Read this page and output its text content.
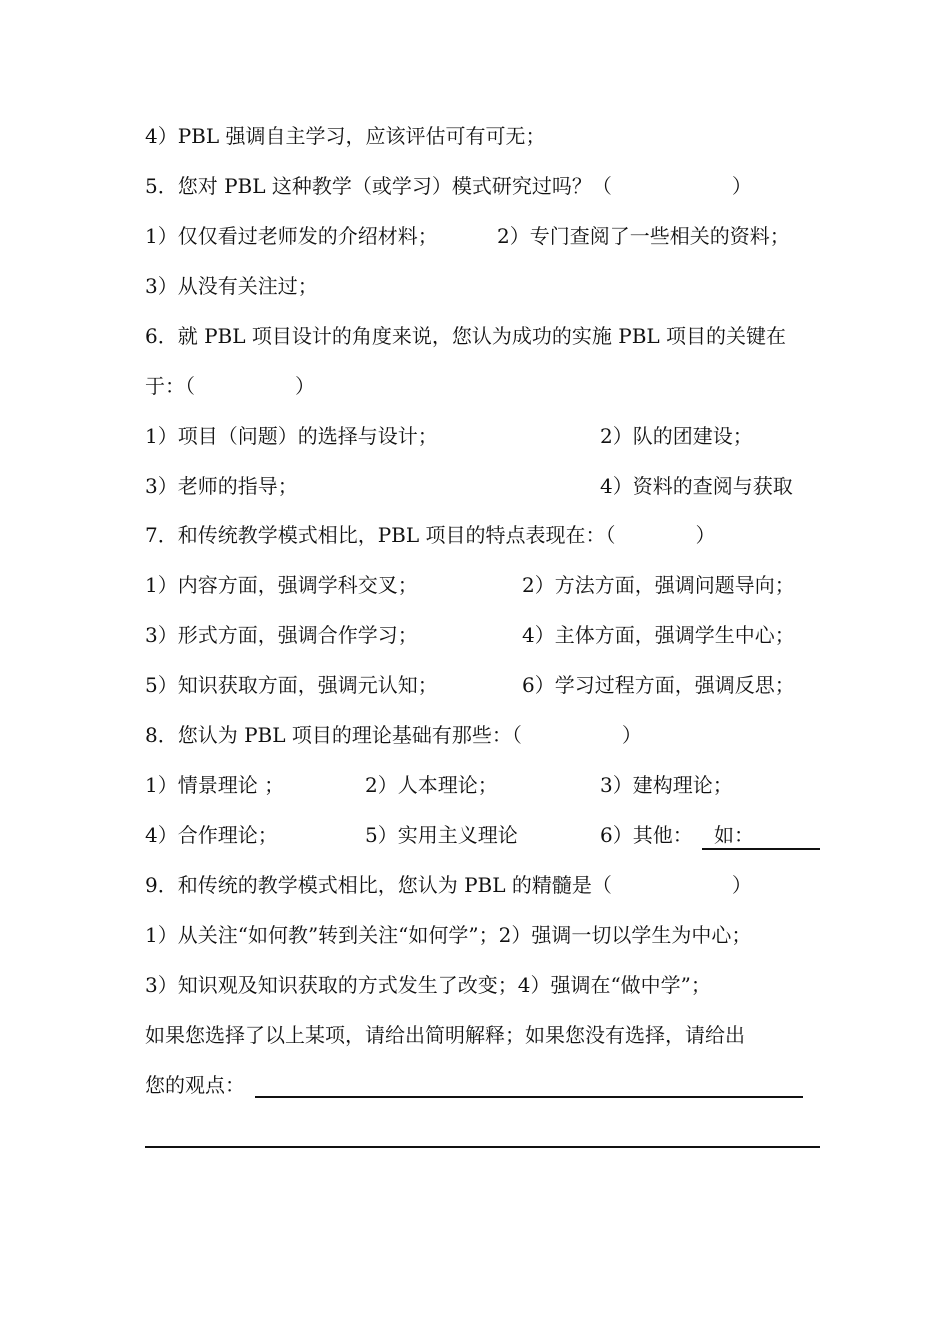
4）PBL 强调自主学习，应该评估可有可无；
5．您对 PBL 这种教学（或学习）模式研究过吗？（　　　　　　）
1）仅仅看过老师发的介绍材料；	2）专门查阅了一些相关的资料；
3）从没有关注过；
6．就 PBL 项目设计的角度来说，您认为成功的实施 PBL 项目的关键在
于：（　　　　　）
1）项目（问题）的选择与设计；	2）队的团建设；
3）老师的指导；	4）资料的查阅与获取
7．和传统教学模式相比，PBL 项目的特点表现在：（　　　　）
1）内容方面，强调学科交叉；	2）方法方面，强调问题导向；
3）形式方面，强调合作学习；	4）主体方面，强调学生中心；
5）知识获取方面，强调元认知；	6）学习过程方面，强调反思；
8．您认为 PBL 项目的理论基础有那些：（　　　　　）
1）情景理论 ；	2）人本理论；	3）建构理论；
4）合作理论；	5）实用主义理论	6）其他： 如：
9．和传统的教学模式相比，您认为 PBL 的精髓是（　　　　　　）
1）从关注“如何教”转到关注“如何学”；2）强调一切以学生为中心；
3）知识观及知识获取的方式发生了改变；4）强调在“做中学”；
如果您选择了以上某项，请给出简明解释；如果您没有选择，请给出
您的观点：
